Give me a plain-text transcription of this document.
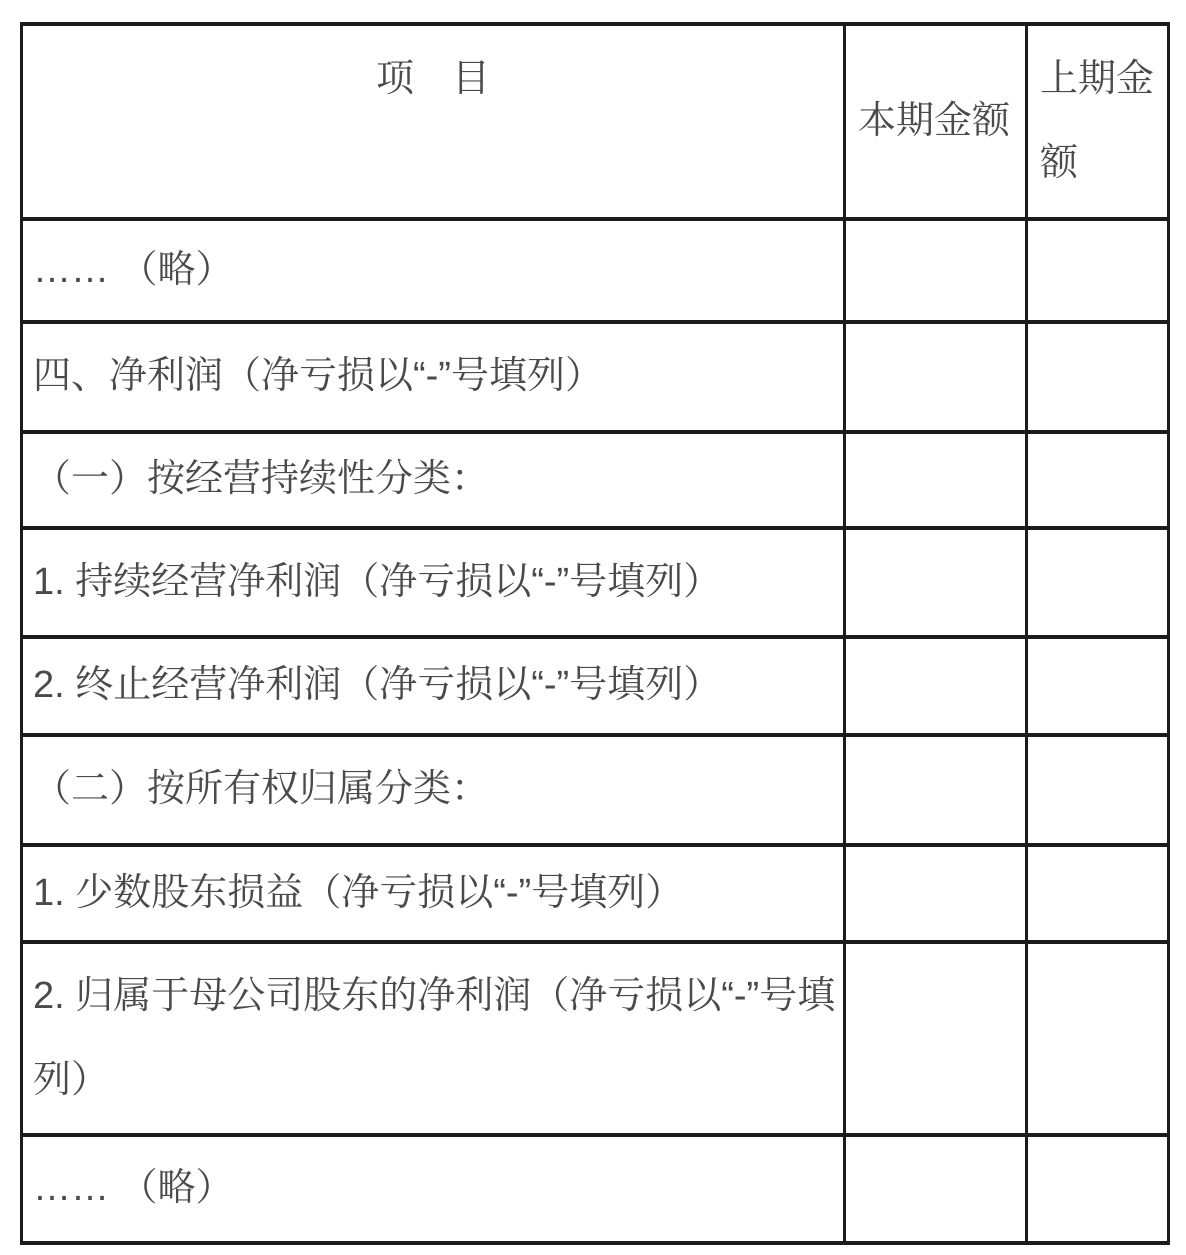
项　目	本期金额	上期金额
…… （略）		
四、净利润（净亏损以“-”号填列）		
（一）按经营持续性分类：		
1. 持续经营净利润（净亏损以“-”号填列）		
2. 终止经营净利润（净亏损以“-”号填列）		
（二）按所有权归属分类：		
1. 少数股东损益（净亏损以“-”号填列）		
2. 归属于母公司股东的净利润（净亏损以“-”号填列）		
…… （略）		
